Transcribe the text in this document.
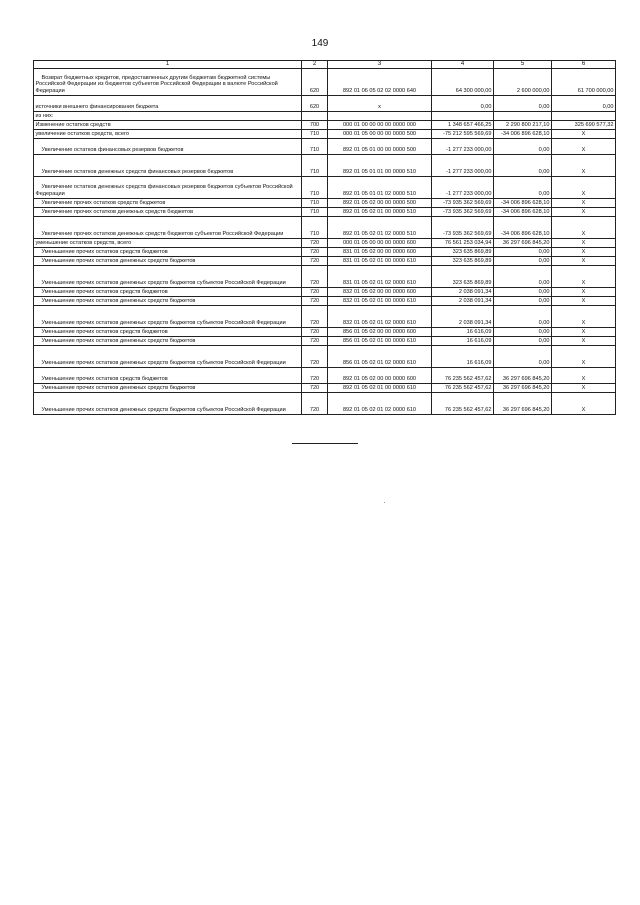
149
1	2	3	4	5	6
Возврат бюджетных кредитов, предоставленных другим бюджетам бюджетной системы Российской Федерации из бюджетов субъектов Российской Федерации в валюте Российской Федерации	620	892 01 06 05 02 02 0000 640	64 300 000,00	2 600 000,00	61 700 000,00
источники внешнего финансирования бюджета	620	x	0,00	0,00	0,00
из них:					
Изменение остатков средств	700	000 01 00 00 00 00 0000 000	1 348 657 466,25	2 290 800 217,10	325 690 577,32
увеличение остатков средств, всего	710	000 01 05 00 00 00 0000 500	-75 212 595 569,69	-34 006 896 628,10	X
Увеличение остатков финансовых резервов бюджетов	710	892 01 05 01 00 00 0000 500	-1 277 233 000,00	0,00	X
Увеличение остатков денежных средств финансовых резервов бюджетов	710	892 01 05 01 01 00 0000 510	-1 277 233 000,00	0,00	X
Увеличение остатков денежных средств финансовых резервов бюджетов субъектов Российской Федерации	710	892 01 05 01 01 02 0000 510	-1 277 233 000,00	0,00	X
Увеличение прочих остатков средств бюджетов	710	892 01 05 02 00 00 0000 500	-73 935 362 569,69	-34 006 896 628,10	X
Увеличение прочих остатков денежных средств бюджетов	710	892 01 05 02 01 00 0000 510	-73 935 362 569,69	-34 006 896 628,10	X
Увеличение прочих остатков денежных средств бюджетов субъектов Российской Федерации	710	892 01 05 02 01 02 0000 510	-73 935 362 569,69	-34 006 896 628,10	X
уменьшение остатков средств, всего	720	000 01 05 00 00 00 0000 600	76 561 253 034,94	36 297 696 845,20	X
Уменьшение прочих остатков средств бюджетов	720	831 01 05 02 00 00 0000 600	323 635 869,89	0,00	X
Уменьшение прочих остатков денежных средств бюджетов	720	831 01 05 02 01 00 0000 610	323 635 869,89	0,00	X
Уменьшение прочих остатков денежных средств бюджетов субъектов Российской Федерации	720	831 01 05 02 01 02 0000 610	323 635 869,89	0,00	X
Уменьшение прочих остатков средств бюджетов	720	832 01 05 02 00 00 0000 600	2 038 091,34	0,00	X
Уменьшение прочих остатков денежных средств бюджетов	720	832 01 05 02 01 00 0000 610	2 038 091,34	0,00	X
Уменьшение прочих остатков денежных средств бюджетов субъектов Российской Федерации	720	832 01 05 02 01 02 0000 610	2 038 091,34	0,00	X
Уменьшение прочих остатков средств бюджетов	720	856 01 05 02 00 00 0000 600	16 616,09	0,00	X
Уменьшение прочих остатков денежных средств бюджетов	720	856 01 05 02 01 00 0000 610	16 616,09	0,00	X
Уменьшение прочих остатков денежных средств бюджетов субъектов Российской Федерации	720	856 01 05 02 01 02 0000 610	16 616,09	0,00	X
Уменьшение прочих остатков средств бюджетов	720	892 01 05 02 00 00 0000 600	76 235 562 457,62	36 297 696 845,20	X
Уменьшение прочих остатков денежных средств бюджетов	720	892 01 05 02 01 00 0000 610	76 235 562 457,62	36 297 696 845,20	X
Уменьшение прочих остатков денежных средств бюджетов субъектов Российской Федерации	720	892 01 05 02 01 02 0000 610	76 235 562 457,62	36 297 696 845,20	X
